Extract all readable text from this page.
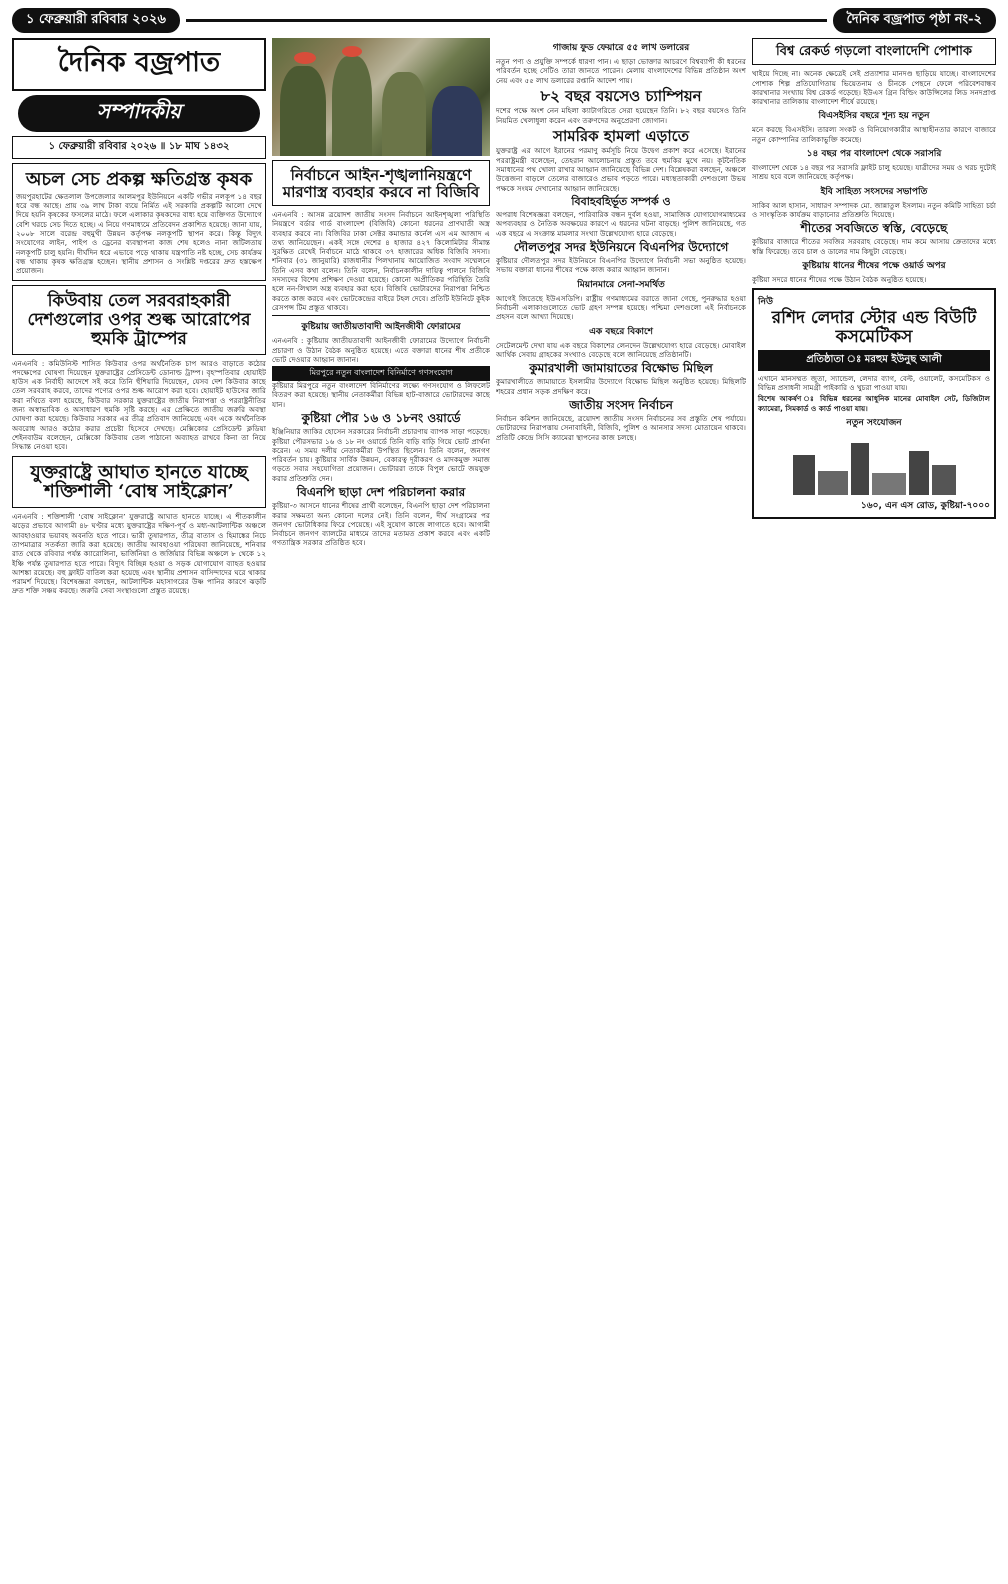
১ ফেব্রুয়ারী রবিবার ২০২৬	দৈনিক বজ্রপাত পৃষ্ঠা নং-২
দৈনিক বজ্রপাত
সম্পাদকীয়
১ ফেব্রুয়ারী রবিবার ২০২৬ ॥ ১৮ মাঘ ১৪৩২
অচল সেচ প্রকল্প ক্ষতিগ্রস্ত কৃষক

জয়পুরহাটের ক্ষেতলাল উপজেলার আলমপুর ইউনিয়নে একটি গভীর নলকূপ ১৪ বছর ধরে বন্ধ আছে। প্রায় ৩৯ লাখ টাকা ব্যয়ে নির্মিত এই সরকারি প্রকল্পটি আলো দেখে দিয়ে হয়নি কৃষকের ফসলের মাঠে। ফলে এলাকার কৃষকদের বাধ্য হয়ে ব্যক্তিগত উদ্যোগে বেশি খরচে সেচ দিতে হচ্ছে। এ নিয়ে গণমাধ্যমে প্রতিবেদন প্রকাশিত হয়েছে। জানা যায়, ২০০৮ সালে বরেন্দ্র বহুমুখী উন্নয়ন কর্তৃপক্ষ নলকূপটি স্থাপন করে। কিন্তু বিদ্যুৎ সংযোগের লাইন, পাইপ ও ড্রেনের ব্যবস্থাপনা কাজ শেষ হলেও নানা জটিলতায় নলকূপটি চালু হয়নি। দীর্ঘদিন ধরে এভাবে পড়ে থাকায় যন্ত্রপাতি নষ্ট হচ্ছে, সেচ কার্যক্রম বন্ধ থাকায় কৃষক ক্ষতিগ্রস্ত হচ্ছেন। স্থানীয় প্রশাসন ও সংশ্লিষ্ট দপ্তরের দ্রুত হস্তক্ষেপ প্রয়োজন।

কিউবায় তেল সরবরাহকারী দেশগুলোর ওপর শুল্ক আরোপের হুমকি ট্রাম্পের

এনএনবি : কমিউনিস্ট শাসিত কিউবার ওপর অর্থনৈতিক চাপ আরও বাড়াতে কঠোর পদক্ষেপের ঘোষণা দিয়েছেন যুক্তরাষ্ট্রের প্রেসিডেন্ট ডোনাল্ড ট্রাম্প। বৃহস্পতিবার হোয়াইট হাউস এক নির্বাহী আদেশে সই করে তিনি হুঁশিয়ারি দিয়েছেন, যেসব দেশ কিউবার কাছে তেল সরবরাহ করবে, তাদের পণ্যের ওপর শুল্ক আরোপ করা হবে। হোয়াইট হাউসের জারি করা নথিতে বলা হয়েছে, কিউবার সরকার যুক্তরাষ্ট্রের জাতীয় নিরাপত্তা ও পররাষ্ট্রনীতির জন্য অস্বাভাবিক ও অসাধারণ হুমকি সৃষ্টি করছে। এর প্রেক্ষিতে জাতীয় জরুরি অবস্থা ঘোষণা করা হয়েছে। কিউবার সরকার এর তীব্র প্রতিবাদ জানিয়েছে এবং একে অর্থনৈতিক অবরোধ আরও কঠোর করার প্রচেষ্টা হিসেবে দেখছে। মেক্সিকোর প্রেসিডেন্ট ক্লডিয়া শেইনবাউম বলেছেন, মেক্সিকো কিউবায় তেল পাঠানো অব্যাহত রাখবে কিনা তা নিয়ে সিদ্ধান্ত নেওয়া হবে।

যুক্তরাষ্ট্রে আঘাত হানতে যাচ্ছে শক্তিশালী ‘বোম্ব সাইক্লোন’

এনএনবি : শক্তিশালী ‘বোম্ব সাইক্লোন’ যুক্তরাষ্ট্রে আঘাত হানতে যাচ্ছে। এ শীতকালীন ঝড়ের প্রভাবে আগামী ৪৮ ঘণ্টার মধ্যে যুক্তরাষ্ট্রের দক্ষিণ-পূর্ব ও মধ্য-আটলান্টিক অঞ্চলে আবহাওয়ার ভয়াবহ অবনতি হতে পারে। ভারী তুষারপাত, তীব্র বাতাস ও হিমাঙ্কের নিচে তাপমাত্রার সতর্কতা জারি করা হয়েছে। জাতীয় আবহাওয়া পরিষেবা জানিয়েছে, শনিবার রাত থেকে রবিবার পর্যন্ত ক্যারোলিনা, ভার্জিনিয়া ও জর্জিয়ার বিভিন্ন অঞ্চলে ৮ থেকে ১২ ইঞ্চি পর্যন্ত তুষারপাত হতে পারে। বিদ্যুৎ বিচ্ছিন্ন হওয়া ও সড়ক যোগাযোগ ব্যাহত হওয়ার আশঙ্কা রয়েছে। বহু ফ্লাইট বাতিল করা হয়েছে এবং স্থানীয় প্রশাসন বাসিন্দাদের ঘরে থাকার পরামর্শ দিয়েছে। বিশেষজ্ঞরা বলছেন, আটলান্টিক মহাসাগরের উষ্ণ পানির কারণে ঝড়টি দ্রুত শক্তি সঞ্চয় করছে। জরুরি সেবা সংস্থাগুলো প্রস্তুত রয়েছে।

নির্বাচনে আইন-শৃঙ্খলানিয়ন্ত্রণে মারণাস্ত্র ব্যবহার করবে না বিজিবি

এনএনবি : আসন্ন ত্রয়োদশ জাতীয় সংসদ নির্বাচনে আইনশৃঙ্খলা পরিস্থিতি নিয়ন্ত্রণে বর্ডার গার্ড বাংলাদেশ (বিজিবি) কোনো ধরনের প্রাণঘাতী অস্ত্র ব্যবহার করবে না। বিজিবির ঢাকা সেক্টর কমান্ডার কর্নেল এস এম আজাদ এ তথ্য জানিয়েছেন। একই সঙ্গে দেশের ৪ হাজার ৪২৭ কিলোমিটার সীমান্ত সুরক্ষিত রেখেই নির্বাচনে মাঠে থাকবে ৩৭ হাজারের অধিক বিজিবি সদস্য। শনিবার (৩১ জানুয়ারি) রাজধানীর পিলখানায় আয়োজিত সংবাদ সম্মেলনে তিনি এসব কথা বলেন। তিনি বলেন, নির্বাচনকালীন দায়িত্ব পালনে বিজিবি সদস্যদের বিশেষ প্রশিক্ষণ দেওয়া হয়েছে। কোনো অপ্রীতিকর পরিস্থিতি তৈরি হলে নন-লিথাল অস্ত্র ব্যবহার করা হবে। বিজিবি ভোটারদের নিরাপত্তা নিশ্চিত করতে কাজ করবে এবং ভোটকেন্দ্রের বাইরে টহল দেবে। প্রতিটি ইউনিটে কুইক রেসপন্স টিম প্রস্তুত থাকবে।

কুষ্টিয়ায় জাতীয়তাবাদী আইনজীবী ফোরামের

এনএনবি : কুষ্টিয়ায় জাতীয়তাবাদী আইনজীবী ফোরামের উদ্যোগে নির্বাচনী প্রচারণা ও উঠান বৈঠক অনুষ্ঠিত হয়েছে। এতে বক্তারা ধানের শীষ প্রতীকে ভোট দেওয়ার আহ্বান জানান।

মিরপুরে নতুন বাংলাদেশ বিনির্মাণে গণসংযোগ

কুষ্টিয়ার মিরপুরে নতুন বাংলাদেশ বিনির্মাণের লক্ষ্যে গণসংযোগ ও লিফলেট বিতরণ করা হয়েছে। স্থানীয় নেতাকর্মীরা বিভিন্ন হাট-বাজারে ভোটারদের কাছে যান।

কুষ্টিয়া পৌর ১৬ ও ১৮নং ওয়ার্ডে

ইঞ্জিনিয়ার জাকির হোসেন সরকারের নির্বাচনী প্রচারণায় ব্যাপক সাড়া পড়েছে। কুষ্টিয়া পৌরসভার ১৬ ও ১৮ নং ওয়ার্ডে তিনি বাড়ি বাড়ি গিয়ে ভোট প্রার্থনা করেন। এ সময় দলীয় নেতাকর্মীরা উপস্থিত ছিলেন। তিনি বলেন, জনগণ পরিবর্তন চায়। কুষ্টিয়ার সার্বিক উন্নয়ন, বেকারত্ব দূরীকরণ ও মাদকমুক্ত সমাজ গড়তে সবার সহযোগিতা প্রয়োজন। ভোটাররা তাকে বিপুল ভোটে জয়যুক্ত করার প্রতিশ্রুতি দেন।

বিএনপি ছাড়া দেশ পরিচালনা করার

কুষ্টিয়া-৩ আসনে ধানের শীষের প্রার্থী বলেছেন, বিএনপি ছাড়া দেশ পরিচালনা করার সক্ষমতা অন্য কোনো দলের নেই। তিনি বলেন, দীর্ঘ সংগ্রামের পর জনগণ ভোটাধিকার ফিরে পেয়েছে। এই সুযোগ কাজে লাগাতে হবে। আগামী নির্বাচনে জনগণ ব্যালটের মাধ্যমে তাদের মতামত প্রকাশ করবে এবং একটি গণতান্ত্রিক সরকার প্রতিষ্ঠিত হবে।

গাজায় ফুড ফেয়ারে ৫৫ লাখ ডলারের

নতুন পণ্য ও প্রযুক্তি সম্পর্কে ধারণা পান। এ ছাড়া ভোক্তার আচরণে বিশ্বব্যাপী কী ধরনের পরিবর্তন হচ্ছে সেটিও তারা জানতে পারেন। মেলায় বাংলাদেশের বিভিন্ন প্রতিষ্ঠান অংশ নেয় এবং ৫৫ লাখ ডলারের রপ্তানি আদেশ পায়।

৮২ বছর বয়সেও চ্যাম্পিয়ন

দশের পক্ষে অংশ নেন মহিলা ক্যাটাগরিতে সেরা হয়েছেন তিনি। ৮২ বছর বয়সেও তিনি নিয়মিত খেলাধুলা করেন এবং তরুণদের অনুপ্রেরণা জোগান।

সামরিক হামলা এড়াতে

যুক্তরাষ্ট্র এর আগে ইরানের পরমাণু কর্মসূচি নিয়ে উদ্বেগ প্রকাশ করে এসেছে। ইরানের পররাষ্ট্রমন্ত্রী বলেছেন, তেহরান আলোচনায় প্রস্তুত তবে হুমকির মুখে নয়। কূটনৈতিক সমাধানের পথ খোলা রাখার আহ্বান জানিয়েছে বিভিন্ন দেশ। বিশ্লেষকরা বলছেন, অঞ্চলে উত্তেজনা বাড়লে তেলের বাজারেও প্রভাব পড়তে পারে। মধ্যস্থতাকারী দেশগুলো উভয় পক্ষকে সংযম দেখানোর আহ্বান জানিয়েছে।

বিবাহবহির্ভূত সম্পর্ক ও

অপরাধ বিশেষজ্ঞরা বলছেন, পারিবারিক বন্ধন দুর্বল হওয়া, সামাজিক যোগাযোগমাধ্যমের অপব্যবহার ও নৈতিক অবক্ষয়ের কারণে এ ধরনের ঘটনা বাড়ছে। পুলিশ জানিয়েছে, গত এক বছরে এ সংক্রান্ত মামলার সংখ্যা উল্লেখযোগ্য হারে বেড়েছে।

দৌলতপুর সদর ইউনিয়নে বিএনপির উদ্যোগে

কুষ্টিয়ার দৌলতপুর সদর ইউনিয়নে বিএনপির উদ্যোগে নির্বাচনী সভা অনুষ্ঠিত হয়েছে। সভায় বক্তারা ধানের শীষের পক্ষে কাজ করার আহ্বান জানান।

মিয়ানমারে সেনা-সমর্থিত

আগেই জিতেছে ইউএসডিপি। রাষ্ট্রীয় গণমাধ্যমের বরাতে জানা গেছে, পুনরুদ্ধার হওয়া নির্বাচনী এলাকাগুলোতে ভোট গ্রহণ সম্পন্ন হয়েছে। পশ্চিমা দেশগুলো এই নির্বাচনকে প্রহসন বলে আখ্যা দিয়েছে।

এক বছরে বিকাশে

সেটেলমেন্ট দেখা যায় এক বছরে বিকাশের লেনদেন উল্লেখযোগ্য হারে বেড়েছে। মোবাইল আর্থিক সেবায় গ্রাহকের সংখ্যাও বেড়েছে বলে জানিয়েছে প্রতিষ্ঠানটি।

কুমারখালী জামায়াতের বিক্ষোভ মিছিল

কুমারখালীতে জামায়াতে ইসলামীর উদ্যোগে বিক্ষোভ মিছিল অনুষ্ঠিত হয়েছে। মিছিলটি শহরের প্রধান সড়ক প্রদক্ষিণ করে।

জাতীয় সংসদ নির্বাচন

নির্বাচন কমিশন জানিয়েছে, ত্রয়োদশ জাতীয় সংসদ নির্বাচনের সব প্রস্তুতি শেষ পর্যায়ে। ভোটারদের নিরাপত্তায় সেনাবাহিনী, বিজিবি, পুলিশ ও আনসার সদস্য মোতায়েন থাকবে। প্রতিটি কেন্দ্রে সিসি ক্যামেরা স্থাপনের কাজ চলছে।

বিশ্ব রেকর্ড গড়লো বাংলাদেশি পোশাক

খাইয়ে দিচ্ছে না। অনেক ক্ষেত্রেই সেই প্রত্যাশার মানদণ্ড ছাড়িয়ে যাচ্ছে। বাংলাদেশের পোশাক শিল্প প্রতিযোগিতায় ভিয়েতনাম ও চীনকে পেছনে ফেলে পরিবেশবান্ধব কারখানার সংখ্যায় বিশ্ব রেকর্ড গড়েছে। ইউএস গ্রিন বিল্ডিং কাউন্সিলের লিড সনদপ্রাপ্ত কারখানার তালিকায় বাংলাদেশ শীর্ষে রয়েছে।

বিএসইসির বছরে শূন্য হয় নতুন

মনে করছে বিএসইসি। তারল্য সংকট ও বিনিয়োগকারীর আস্থাহীনতার কারণে বাজারে নতুন কোম্পানির তালিকাভুক্তি কমেছে।

১৪ বছর পর বাংলাদেশ থেকে সরাসরি

বাংলাদেশ থেকে ১৪ বছর পর সরাসরি ফ্লাইট চালু হয়েছে। যাত্রীদের সময় ও খরচ দুটোই সাশ্রয় হবে বলে জানিয়েছে কর্তৃপক্ষ।

ইবি সাহিত্য সংসদের সভাপতি

সাকিব আল হাসান, সাধারণ সম্পাদক মো. জান্নাতুল ইসলাম। নতুন কমিটি সাহিত্য চর্চা ও সাংস্কৃতিক কার্যক্রম বাড়ানোর প্রতিশ্রুতি দিয়েছে।

শীতের সবজিতে স্বস্তি, বেড়েছে

কুষ্টিয়ার বাজারে শীতের সবজির সরবরাহ বেড়েছে। দাম কমে আসায় ক্রেতাদের মধ্যে স্বস্তি ফিরেছে। তবে চাল ও ডালের দাম কিছুটা বেড়েছে।

কুষ্টিয়ায় ধানের শীষের পক্ষে ওয়ার্ড অপর

কুষ্টিয়া সদরে ধানের শীষের পক্ষে উঠান বৈঠক অনুষ্ঠিত হয়েছে।

নিউ
রশিদ লেদার স্টোর এন্ড বিউটি কসমেটিকস
প্রতিষ্ঠাতা ঃ মরহুম ইউনুছ আলী

এখানে মানসম্মত জুতা, স্যান্ডেল, লেদার ব্যাগ, বেল্ট, ওয়ালেট, কসমেটিকস ও বিভিন্ন প্রসাধনী সামগ্রী পাইকারি ও খুচরা পাওয়া যায়।

বিশেষ আকর্ষণ ঃ বিভিন্ন ধরনের আধুনিক মানের মোবাইল সেট, ডিজিটাল ক্যামেরা, সিমকার্ড ও কার্ড পাওয়া যায়।

নতুন সংযোজন
১৬০, এন এস রোড, কুষ্টিয়া-৭০০০
